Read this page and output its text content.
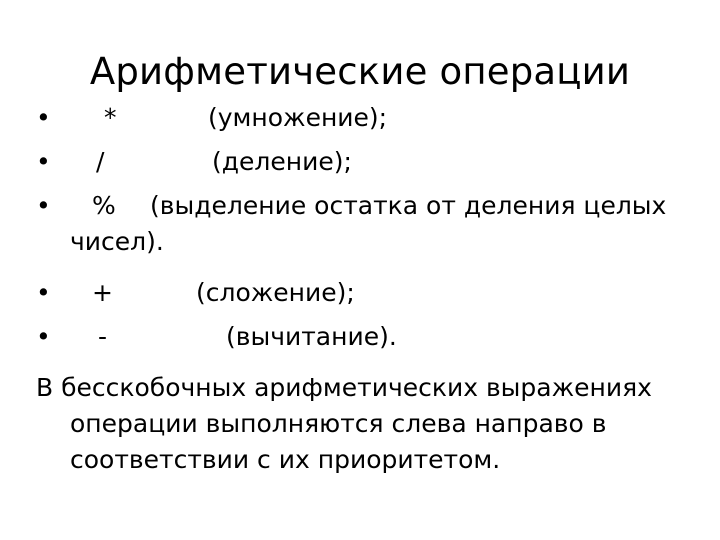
Арифметические операции
• *	(умножение);
• /	(деление);
• % (выделение остатка от деления целых
чисел).
• +	(сложение);
• -	(вычитание).
В бесскобочных арифметических выражениях
операции выполняются слева направо в
соответствии с их приоритетом.
